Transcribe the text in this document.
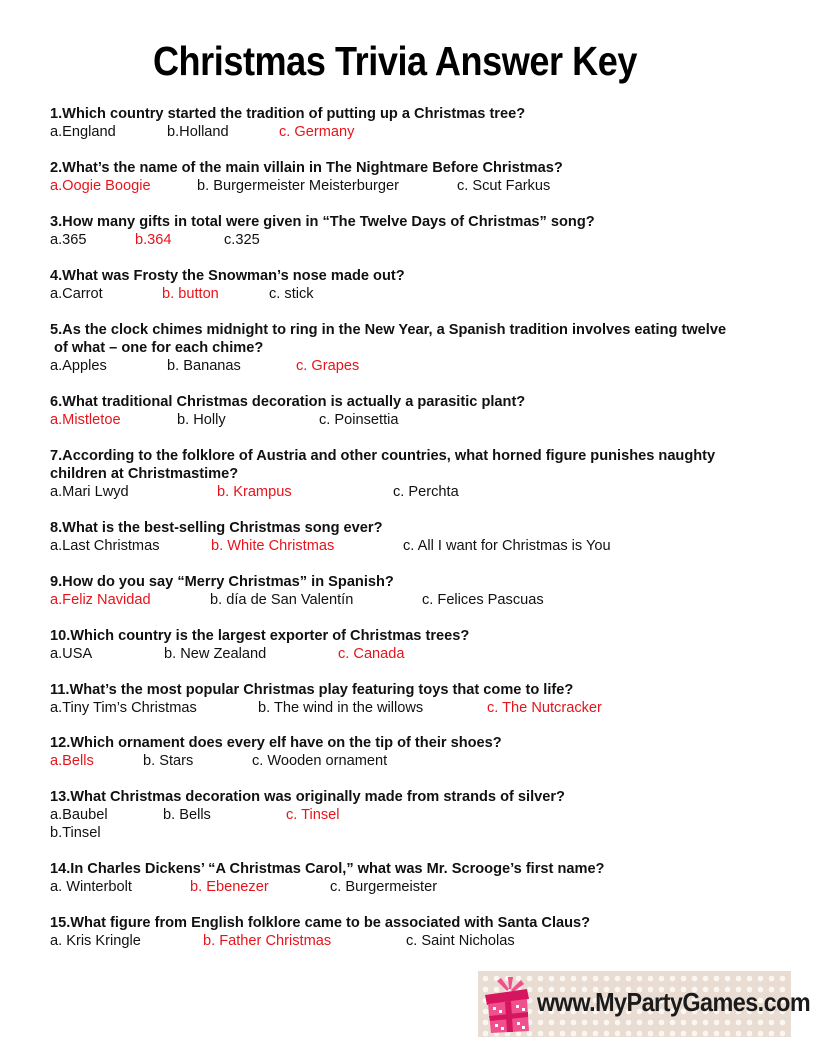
Christmas Trivia Answer Key
1.Which country started the tradition of putting up a Christmas tree?
a.England	b.Holland	c. Germany
2.What’s the name of the main villain in The Nightmare Before Christmas?
a.Oogie Boogie	b. Burgermeister Meisterburger	c. Scut Farkus
3.How many gifts in total were given in “The Twelve Days of Christmas” song?
a.365	b.364	c.325
4.What was Frosty the Snowman’s nose made out?
a.Carrot	b. button	c. stick
5.As the clock chimes midnight to ring in the New Year, a Spanish tradition involves eating twelve
of what – one for each chime?
a.Apples	b. Bananas	c. Grapes
6.What traditional Christmas decoration is actually a parasitic plant?
a.Mistletoe	b. Holly	c. Poinsettia
7.According to the folklore of Austria and other countries, what horned figure punishes naughty
children at Christmastime?
a.Mari Lwyd	b. Krampus	c. Perchta
8.What is the best-selling Christmas song ever?
a.Last Christmas	b. White Christmas	c. All I want for Christmas is You
9.How do you say “Merry Christmas” in Spanish?
a.Feliz Navidad	b. día de San Valentín	c. Felices Pascuas
10.Which country is the largest exporter of Christmas trees?
a.USA	b. New Zealand	c. Canada
11.What’s the most popular Christmas play featuring toys that come to life?
a.Tiny Tim’s Christmas	b. The wind in the willows	c. The Nutcracker
12.Which ornament does every elf have on the tip of their shoes?
a.Bells	b. Stars	c. Wooden ornament
13.What Christmas decoration was originally made from strands of silver?
a.Baubel	b. Bells	c. Tinsel
b.Tinsel
14.In Charles Dickens’ “A Christmas Carol,” what was Mr. Scrooge’s first name?
a. Winterbolt	b. Ebenezer	c. Burgermeister
15.What figure from English folklore came to be associated with Santa Claus?
a. Kris Kringle	b. Father Christmas	c. Saint Nicholas
www.MyPartyGames.com
